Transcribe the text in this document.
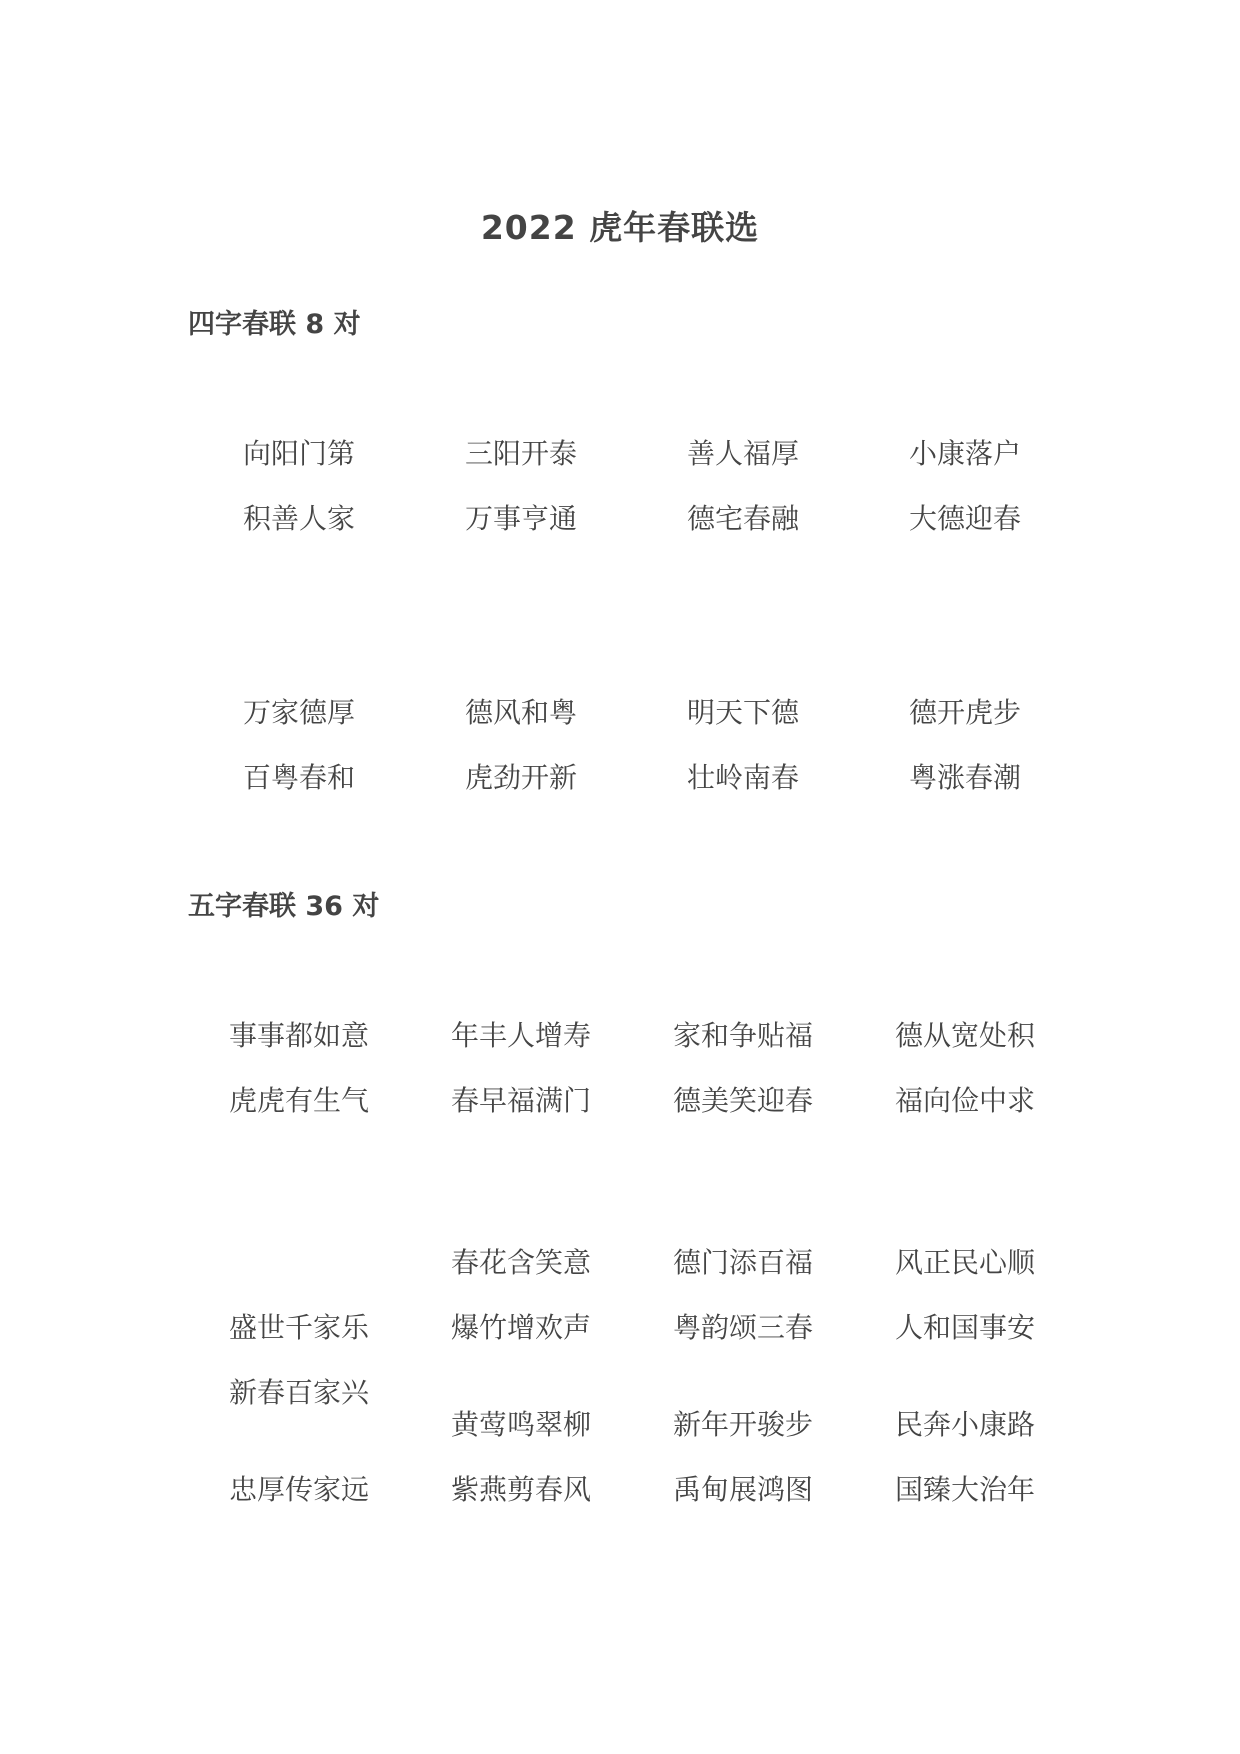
2022 虎年春联选
四字春联 8 对
向阳门第
积善人家
三阳开泰
万事亨通
善人福厚
德宅春融
小康落户
大德迎春
万家德厚
百粤春和
德风和粤
虎劲开新
明天下德
壮岭南春
德开虎步
粤涨春潮
五字春联 36 对
事事都如意
虎虎有生气
年丰人增寿
春早福满门
家和争贴福
德美笑迎春
德从宽处积
福向俭中求
盛世千家乐
新春百家兴
春花含笑意
爆竹增欢声
德门添百福
粤韵颂三春
风正民心顺
人和国事安
忠厚传家远
黄莺鸣翠柳
紫燕剪春风
新年开骏步
禹甸展鸿图
民奔小康路
国臻大治年
